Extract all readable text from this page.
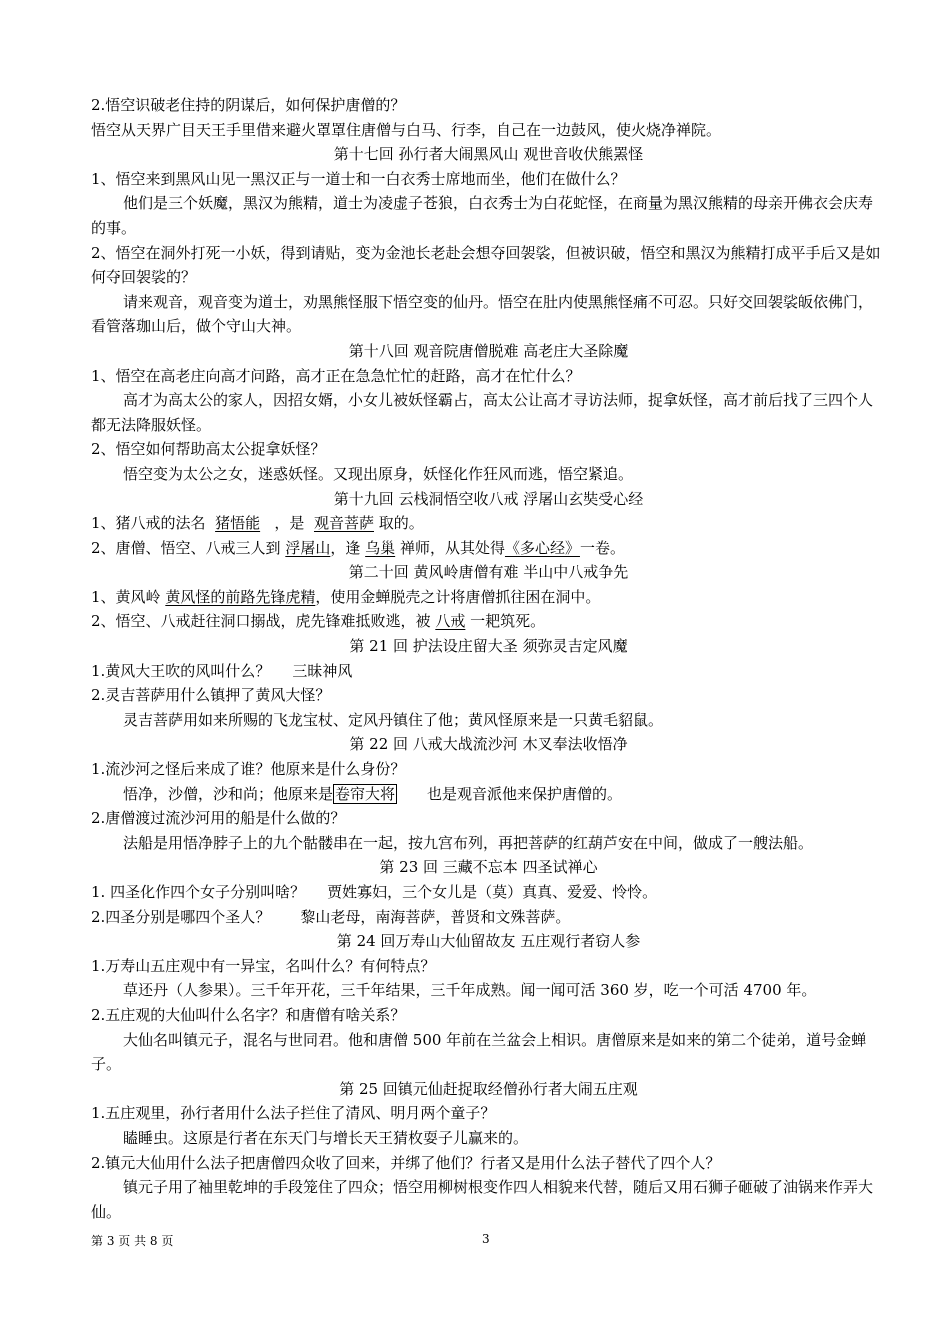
2.悟空识破老住持的阴谋后，如何保护唐僧的？
悟空从天界广目天王手里借来避火罩罩住唐僧与白马、行李，自己在一边鼓风，使火烧净禅院。
第十七回 孙行者大闹黑风山 观世音收伏熊罴怪
1、悟空来到黑风山见一黑汉正与一道士和一白衣秀士席地而坐，他们在做什么？
他们是三个妖魔，黑汉为熊精，道士为凌虚子苍狼，白衣秀士为白花蛇怪，在商量为黑汉熊精的母亲开佛衣会庆寿的事。
2、悟空在洞外打死一小妖，得到请贴，变为金池长老赴会想夺回袈裟，但被识破，悟空和黑汉为熊精打成平手后又是如何夺回袈裟的？
请来观音，观音变为道士，劝黑熊怪服下悟空变的仙丹。悟空在肚内使黑熊怪痛不可忍。只好交回袈裟皈依佛门，看管落珈山后，做个守山大神。
第十八回 观音院唐僧脱难 高老庄大圣除魔
1、悟空在高老庄向高才问路，高才正在急急忙忙的赶路，高才在忙什么？
高才为高太公的家人，因招女婿，小女儿被妖怪霸占，高太公让高才寻访法师，捉拿妖怪，高才前后找了三四个人都无法降服妖怪。
2、悟空如何帮助高太公捉拿妖怪？
悟空变为太公之女，迷惑妖怪。又现出原身，妖怪化作狂风而逃，悟空紧追。
第十九回 云栈洞悟空收八戒 浮屠山玄奘受心经
1、猪八戒的法名 猪悟能 ，是 观音菩萨 取的。
2、唐僧、悟空、八戒三人到 浮屠山，逢 乌巢 禅师，从其处得《多心经》一卷。
第二十回 黄风岭唐僧有难 半山中八戒争先
1、黄风岭 黄风怪的前路先锋虎精，使用金蝉脱壳之计将唐僧抓往困在洞中。
2、悟空、八戒赶往洞口搦战，虎先锋难抵败逃，被 八戒 一耙筑死。
第 21 回 护法设庄留大圣 须弥灵吉定风魔
1.黄风大王吹的风叫什么？ 三昧神风
2.灵吉菩萨用什么镇押了黄风大怪？
灵吉菩萨用如来所赐的飞龙宝杖、定风丹镇住了他；黄风怪原来是一只黄毛貂鼠。
第 22 回 八戒大战流沙河 木叉奉法收悟净
1.流沙河之怪后来成了谁？他原来是什么身份？
悟净，沙僧，沙和尚；他原来是 卷帘大将 也是观音派他来保护唐僧的。
2.唐僧渡过流沙河用的船是什么做的？
法船是用悟净脖子上的九个骷髅串在一起，按九宫布列，再把菩萨的红葫芦安在中间，做成了一艘法船。
第 23 回 三藏不忘本 四圣试禅心
1. 四圣化作四个女子分别叫啥？ 贾姓寡妇，三个女儿是（莫）真真、爱爱、怜怜。
2.四圣分别是哪四个圣人？ 黎山老母，南海菩萨，普贤和文殊菩萨。
第 24 回万寿山大仙留故友 五庄观行者窃人参
1.万寿山五庄观中有一异宝，名叫什么？有何特点？
草还丹（人参果）。三千年开花，三千年结果，三千年成熟。闻一闻可活 360 岁，吃一个可活 4700 年。
2.五庄观的大仙叫什么名字？和唐僧有啥关系？
大仙名叫镇元子，混名与世同君。他和唐僧 500 年前在兰盆会上相识。唐僧原来是如来的第二个徒弟，道号金蝉子。
第 25 回镇元仙赶捉取经僧孙行者大闹五庄观
1.五庄观里，孙行者用什么法子拦住了清风、明月两个童子？
瞌睡虫。这原是行者在东天门与增长天王猜枚耍子儿赢来的。
2.镇元大仙用什么法子把唐僧四众收了回来，并绑了他们？行者又是用什么法子替代了四个人？
镇元子用了袖里乾坤的手段笼住了四众；悟空用柳树根变作四人相貌来代替，随后又用石狮子砸破了油锅来作弄大仙。
第 3 页 共 8 页	3
